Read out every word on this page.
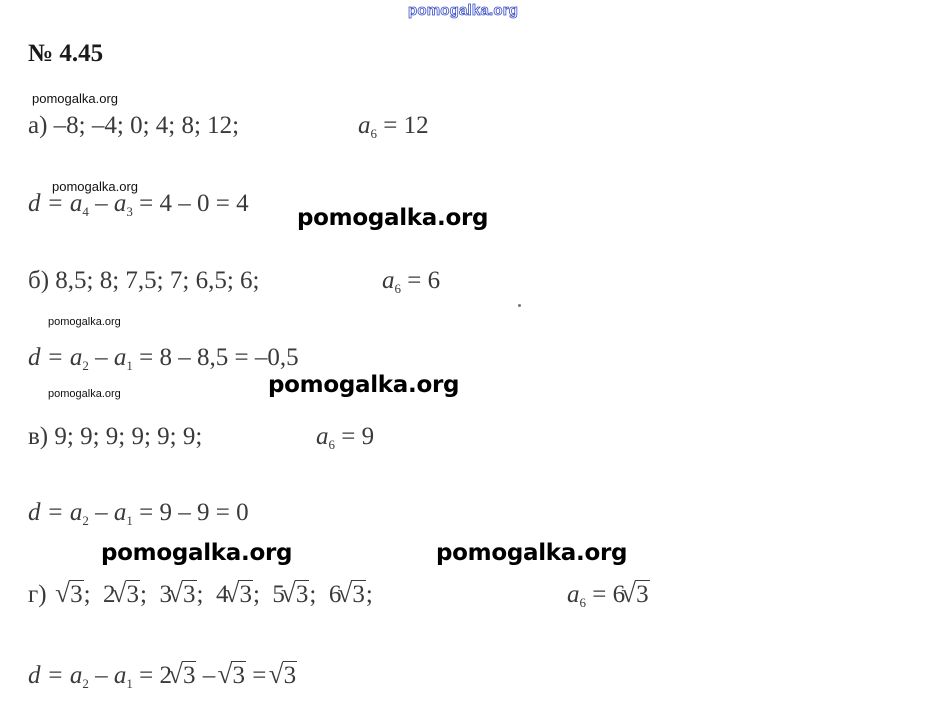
pomogalka.org
№ 4.45
pomogalka.org
pomogalka.org
pomogalka.org
pomogalka.org
pomogalka.org	pomogalka.org
pomogalka.org	pomogalka.org
а) –8; –4; 0; 4; 8; 12;	$a_6 = 12$
$d = a_4 - a_3 = 4 - 0 = 4$
б) 8,5; 8; 7,5; 7; 6,5; 6;	$a_6 = 6$
$d = a_2 - a_1 = 8 - 8,5 = -0,5$
в) 9; 9; 9; 9; 9; 9;	$a_6 = 9$
$d = a_2 - a_1 = 9 - 9 = 0$
г)  √ 3; 2√ 3; 3√ 3; 4√ 3; 5√ 3; 6√ 3;	$a_6 = 6√$ 3
$d = a_2 - a_1 = 2√$ 3 – √ 3 = √ 3
